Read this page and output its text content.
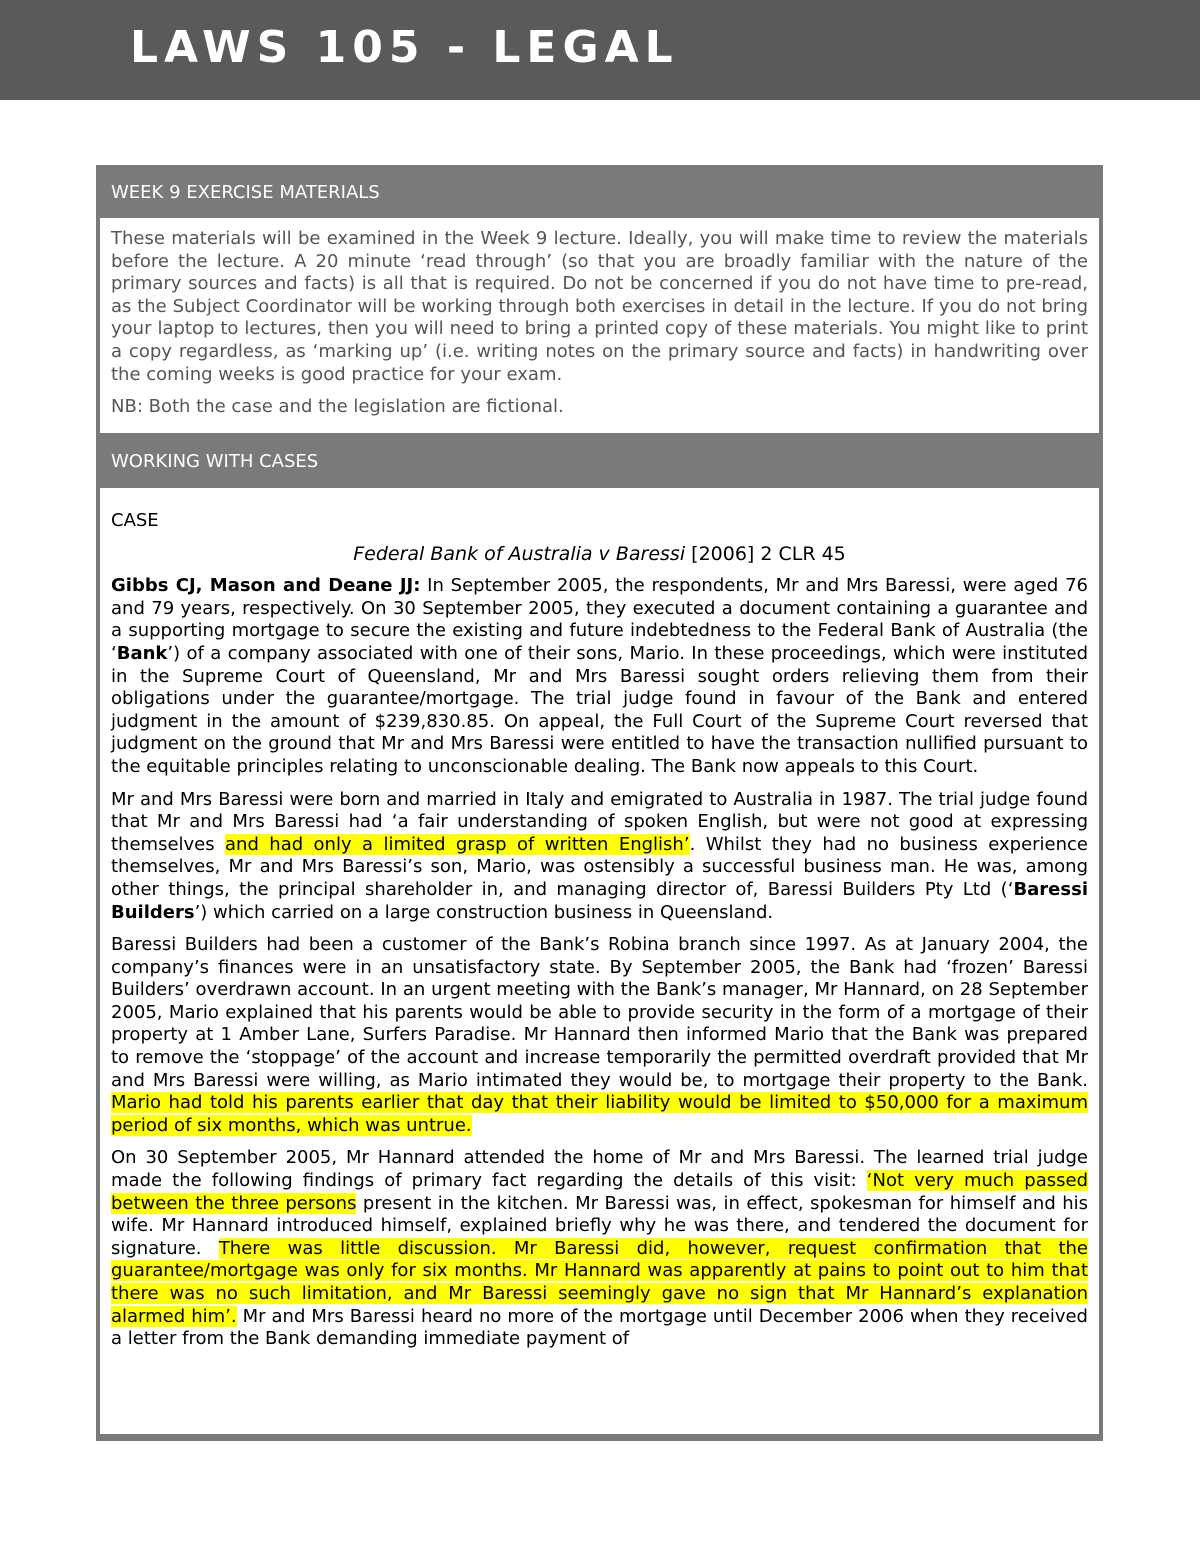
LAWS 105 - LEGAL
WEEK 9 EXERCISE MATERIALS

These materials will be examined in the Week 9 lecture. Ideally, you will make time to review the materials before the lecture. A 20 minute ‘read through’ (so that you are broadly familiar with the nature of the primary sources and facts) is all that is required. Do not be concerned if you do not have time to pre-read, as the Subject Coordinator will be working through both exercises in detail in the lecture. If you do not bring your laptop to lectures, then you will need to bring a printed copy of these materials. You might like to print a copy regardless, as ‘marking up’ (i.e. writing notes on the primary source and facts) in handwriting over the coming weeks is good practice for your exam.

NB: Both the case and the legislation are fictional.

WORKING WITH CASES

CASE

Federal Bank of Australia v Baressi [2006] 2 CLR 45

Gibbs CJ, Mason and Deane JJ: In September 2005, the respondents, Mr and Mrs Baressi, were aged 76 and 79 years, respectively. On 30 September 2005, they executed a document containing a guarantee and a supporting mortgage to secure the existing and future indebtedness to the Federal Bank of Australia (the ‘Bank’) of a company associated with one of their sons, Mario. In these proceedings, which were instituted in the Supreme Court of Queensland, Mr and Mrs Baressi sought orders relieving them from their obligations under the guarantee/mortgage. The trial judge found in favour of the Bank and entered judgment in the amount of $239,830.85. On appeal, the Full Court of the Supreme Court reversed that judgment on the ground that Mr and Mrs Baressi were entitled to have the transaction nullified pursuant to the equitable principles relating to unconscionable dealing. The Bank now appeals to this Court.

Mr and Mrs Baressi were born and married in Italy and emigrated to Australia in 1987. The trial judge found that Mr and Mrs Baressi had ‘a fair understanding of spoken English, but were not good at expressing themselves and had only a limited grasp of written English’. Whilst they had no business experience themselves, Mr and Mrs Baressi’s son, Mario, was ostensibly a successful business man. He was, among other things, the principal shareholder in, and managing director of, Baressi Builders Pty Ltd (‘Baressi Builders’) which carried on a large construction business in Queensland.

Baressi Builders had been a customer of the Bank’s Robina branch since 1997. As at January 2004, the company’s finances were in an unsatisfactory state. By September 2005, the Bank had ‘frozen’ Baressi Builders’ overdrawn account. In an urgent meeting with the Bank’s manager, Mr Hannard, on 28 September 2005, Mario explained that his parents would be able to provide security in the form of a mortgage of their property at 1 Amber Lane, Surfers Paradise. Mr Hannard then informed Mario that the Bank was prepared to remove the ‘stoppage’ of the account and increase temporarily the permitted overdraft provided that Mr and Mrs Baressi were willing, as Mario intimated they would be, to mortgage their property to the Bank. Mario had told his parents earlier that day that their liability would be limited to $50,000 for a maximum period of six months, which was untrue.

On 30 September 2005, Mr Hannard attended the home of Mr and Mrs Baressi. The learned trial judge made the following findings of primary fact regarding the details of this visit: ‘Not very much passed between the three persons present in the kitchen. Mr Baressi was, in effect, spokesman for himself and his wife. Mr Hannard introduced himself, explained briefly why he was there, and tendered the document for signature. There was little discussion. Mr Baressi did, however, request confirmation that the guarantee/mortgage was only for six months. Mr Hannard was apparently at pains to point out to him that there was no such limitation, and Mr Baressi seemingly gave no sign that Mr Hannard’s explanation alarmed him’. Mr and Mrs Baressi heard no more of the mortgage until December 2006 when they received a letter from the Bank demanding immediate payment of
